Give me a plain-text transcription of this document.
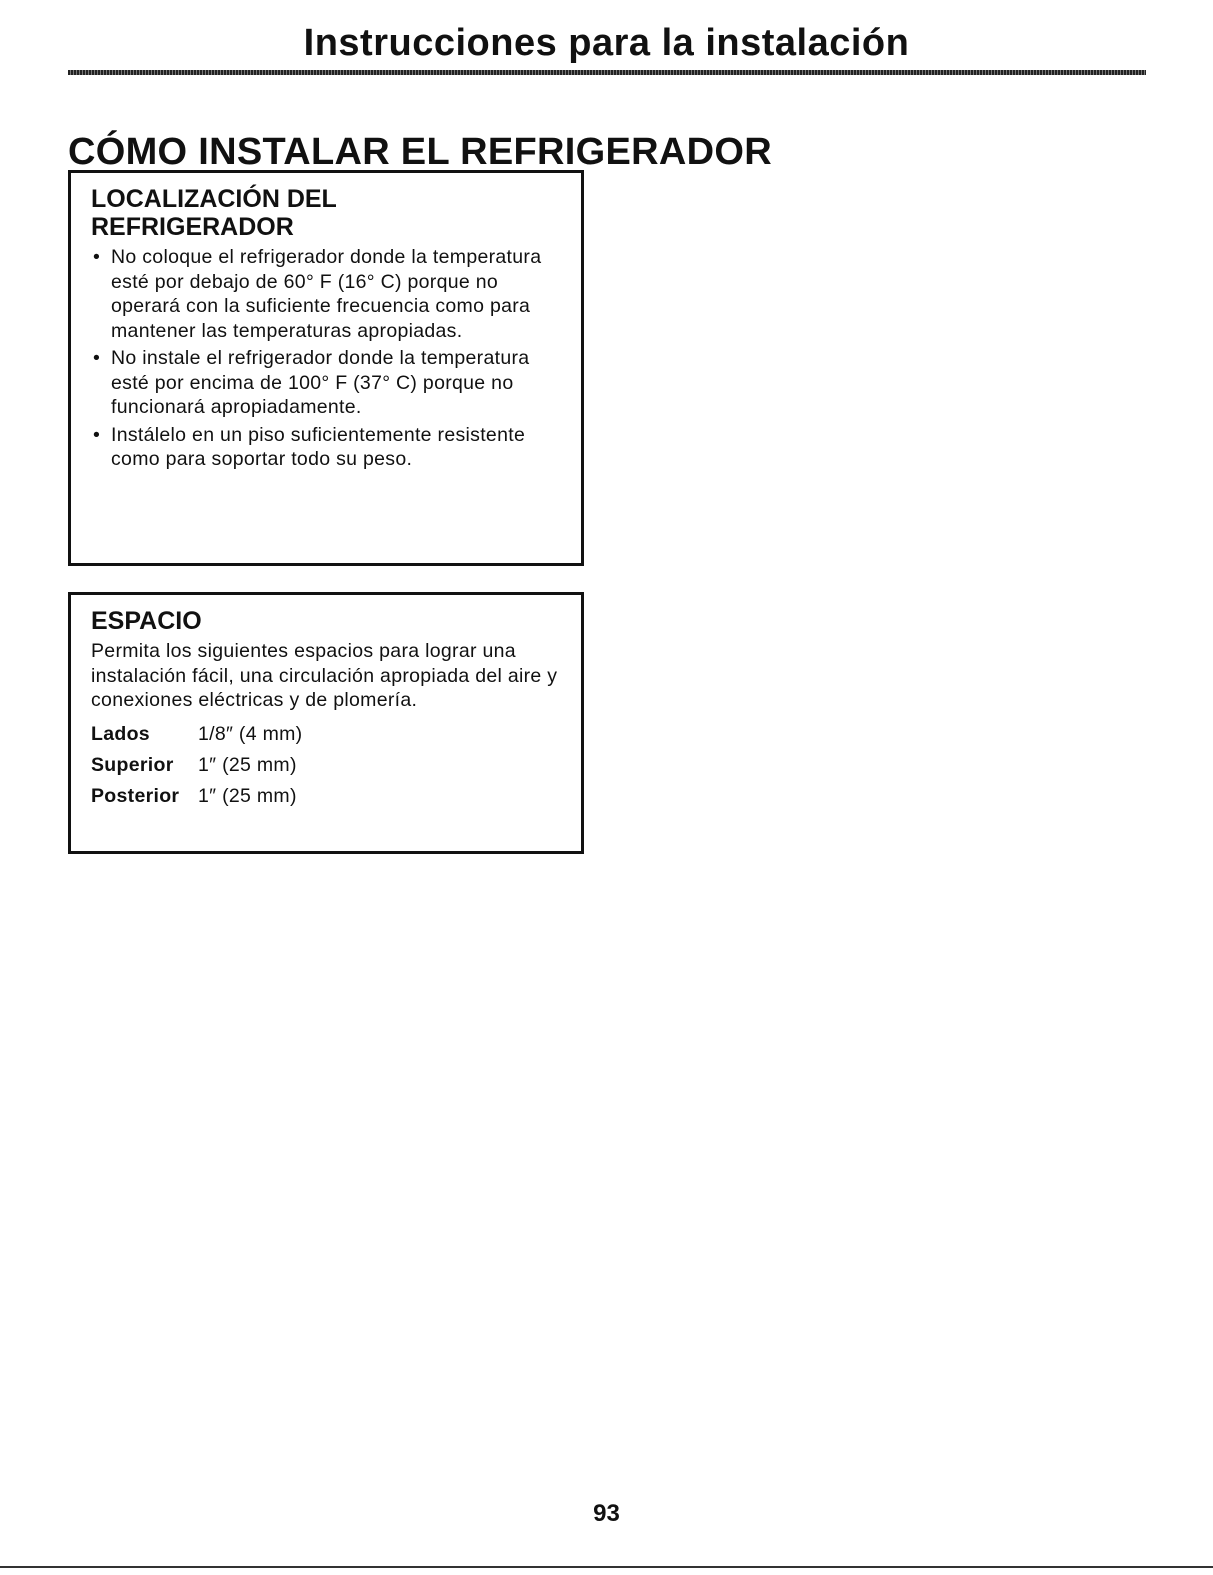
Instrucciones para la instalación
CÓMO INSTALAR EL REFRIGERADOR
LOCALIZACIÓN DEL REFRIGERADOR
• No coloque el refrigerador donde la temperatura esté por debajo de 60° F (16° C) porque no operará con la suficiente frecuencia como para mantener las temperaturas apropiadas.
• No instale el refrigerador donde la temperatura esté por encima de 100° F (37° C) porque no funcionará apropiadamente.
• Instálelo en un piso suficientemente resistente como para soportar todo su peso.
ESPACIO

Permita los siguientes espacios para lograr una instalación fácil, una circulación apropiada del aire y conexiones eléctricas y de plomería.

Lados	1/8″ (4 mm)
Superior	1″ (25 mm)
Posterior	1″ (25 mm)
93
